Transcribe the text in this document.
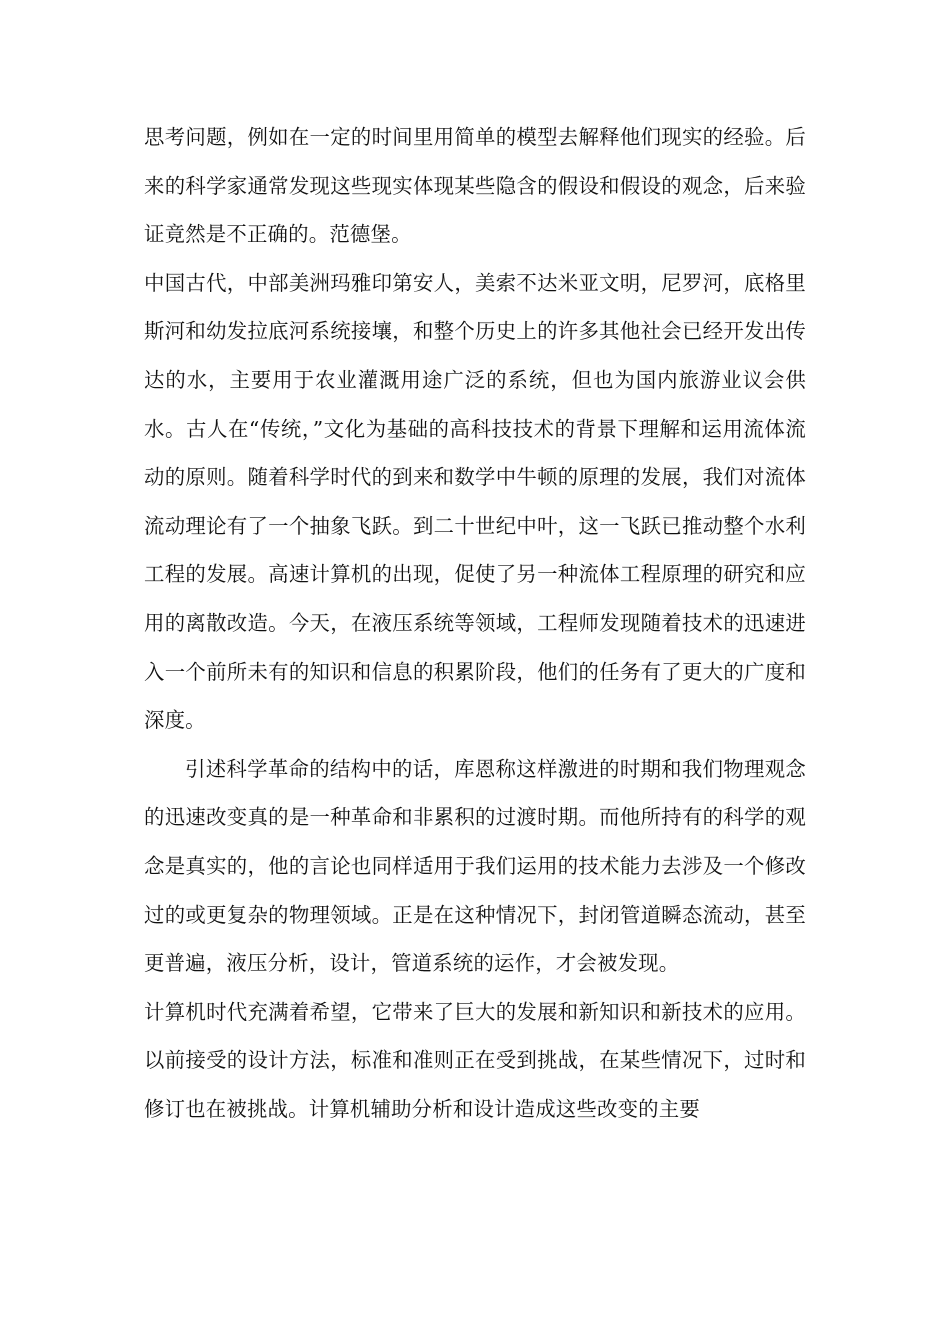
思考问题，例如在一定的时间里用简单的模型去解释他们现实的经验。后来的科学家通常发现这些现实体现某些隐含的假设和假设的观念，后来验证竟然是不正确的。范德堡。

中国古代，中部美洲玛雅印第安人，美索不达米亚文明，尼罗河，底格里斯河和幼发拉底河系统接壤，和整个历史上的许多其他社会已经开发出传达的水，主要用于农业灌溉用途广泛的系统，但也为国内旅游业议会供水。古人在“传统，”文化为基础的高科技技术的背景下理解和运用流体流动的原则。随着科学时代的到来和数学中牛顿的原理的发展，我们对流体流动理论有了一个抽象飞跃。到二十世纪中叶，这一飞跃已推动整个水利工程的发展。高速计算机的出现，促使了另一种流体工程原理的研究和应用的离散改造。今天，在液压系统等领域，工程师发现随着技术的迅速进入一个前所未有的知识和信息的积累阶段，他们的任务有了更大的广度和深度。

引述科学革命的结构中的话，库恩称这样激进的时期和我们物理观念的迅速改变真的是一种革命和非累积的过渡时期。而他所持有的科学的观念是真实的，他的言论也同样适用于我们运用的技术能力去涉及一个修改过的或更复杂的物理领域。正是在这种情况下，封闭管道瞬态流动，甚至更普遍，液压分析，设计，管道系统的运作，才会被发现。

计算机时代充满着希望，它带来了巨大的发展和新知识和新技术的应用。以前接受的设计方法，标准和准则正在受到挑战，在某些情况下，过时和修订也在被挑战。计算机辅助分析和设计造成这些改变的主要
